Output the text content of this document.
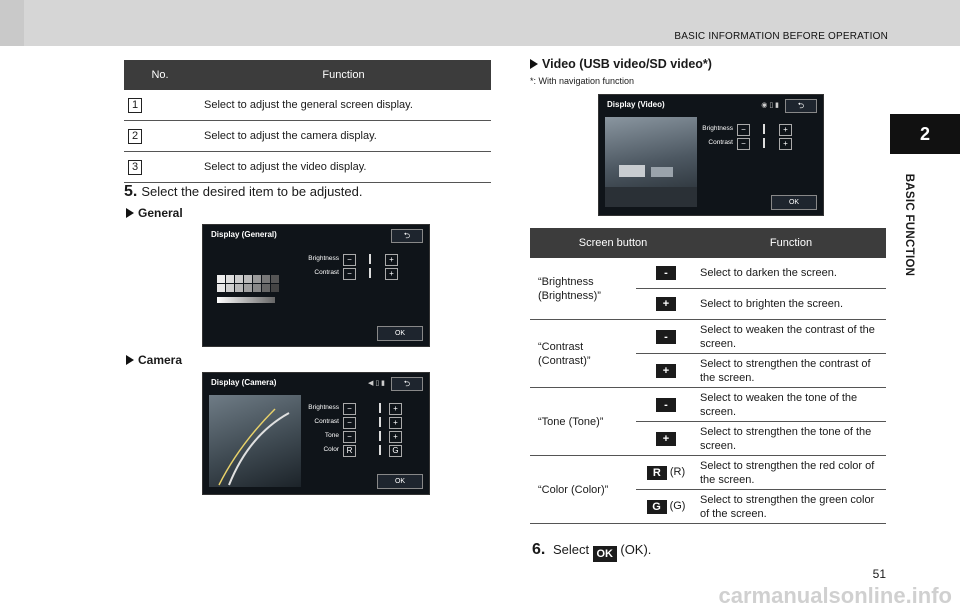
BASIC INFORMATION BEFORE OPERATION
2
BASIC FUNCTION
No.	Function
1	Select to adjust the general screen display.
2	Select to adjust the camera display.
3	Select to adjust the video display.
5. Select the desired item to be adjusted.
General
Display (General)	⮌
Brightness	−	+
Contrast	−	+
OK
Camera
Display (Camera)	◀ ▯ ▮	⮌
Brightness	−	+
Contrast	−	+
Tone	−	+
Color R	G
OK
Video (USB video/SD video*)
*: With navigation function
Display (Video)	◉ ▯ ▮	⮌
Brightness	−	+
Contrast	−	+
OK
Screen button		Function
“Brightness (Brightness)”	-	Select to darken the screen.
	+	Select to brighten the screen.
“Contrast (Contrast)”	-	Select to weaken the contrast of the screen.
	+	Select to strengthen the contrast of the screen.
“Tone (Tone)”	-	Select to weaken the tone of the screen.
	+	Select to strengthen the tone of the screen.
“Color (Color)”	R (R)	Select to strengthen the red color of the screen.
	G (G)	Select to strengthen the green color of the screen.
6. Select OK (OK).
51
carmanualsonline.info
